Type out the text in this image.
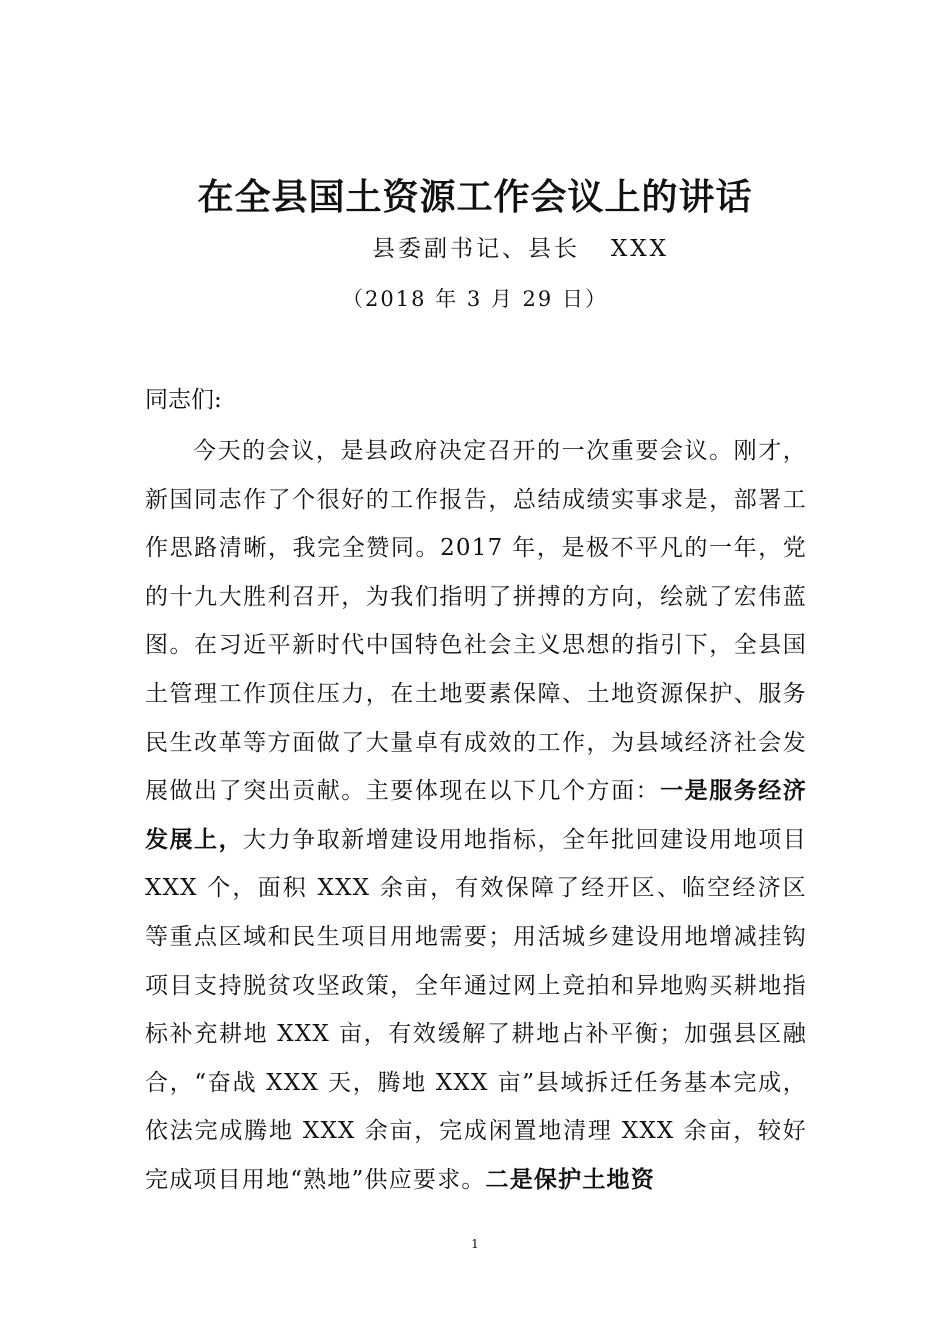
在全县国土资源工作会议上的讲话
县委副书记、县长   XXX
（2018 年 3 月 29 日）
同志们:

今天的会议，是县政府决定召开的一次重要会议。刚才，新国同志作了个很好的工作报告，总结成绩实事求是，部署工作思路清晰，我完全赞同。2017 年，是极不平凡的一年，党的十九大胜利召开，为我们指明了拼搏的方向，绘就了宏伟蓝图。在习近平新时代中国特色社会主义思想的指引下，全县国土管理工作顶住压力，在土地要素保障、土地资源保护、服务民生改革等方面做了大量卓有成效的工作，为县域经济社会发展做出了突出贡献。主要体现在以下几个方面：一是服务经济发展上，大力争取新增建设用地指标，全年批回建设用地项目 XXX 个，面积 XXX 余亩，有效保障了经开区、临空经济区等重点区域和民生项目用地需要；用活城乡建设用地增减挂钩项目支持脱贫攻坚政策，全年通过网上竞拍和异地购买耕地指标补充耕地 XXX 亩，有效缓解了耕地占补平衡；加强县区融合，“奋战 XXX 天，腾地 XXX 亩”县域拆迁任务基本完成，依法完成腾地 XXX 余亩，完成闲置地清理 XXX 余亩，较好完成项目用地“熟地”供应要求。二是保护土地资

1
